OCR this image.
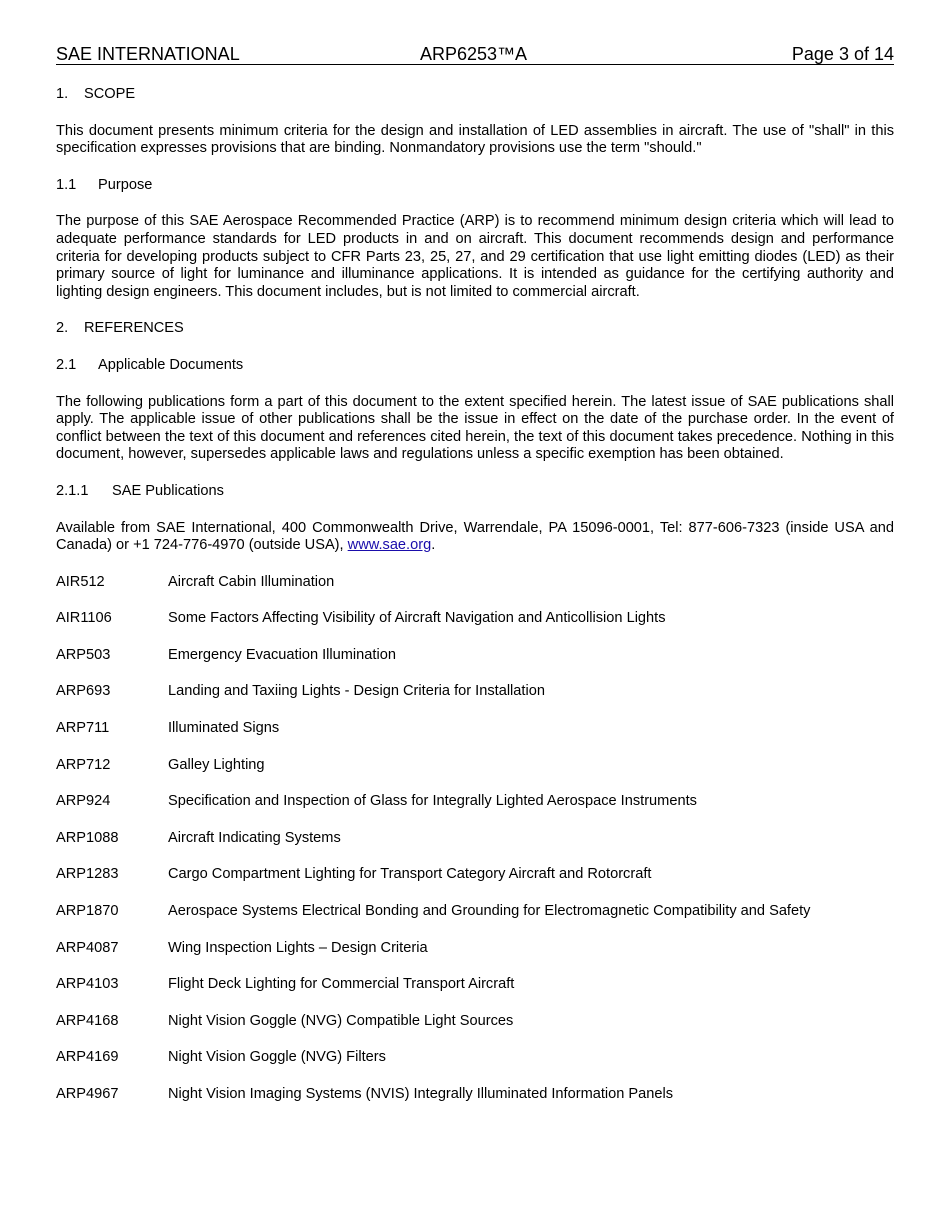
SAE INTERNATIONAL	ARP6253™A	Page 3 of 14

1. SCOPE

This document presents minimum criteria for the design and installation of LED assemblies in aircraft. The use of "shall" in this specification expresses provisions that are binding. Nonmandatory provisions use the term "should."

1.1 Purpose

The purpose of this SAE Aerospace Recommended Practice (ARP) is to recommend minimum design criteria which will lead to adequate performance standards for LED products in and on aircraft. This document recommends design and performance criteria for developing products subject to CFR Parts 23, 25, 27, and 29 certification that use light emitting diodes (LED) as their primary source of light for luminance and illuminance applications. It is intended as guidance for the certifying authority and lighting design engineers. This document includes, but is not limited to commercial aircraft.

2. REFERENCES

2.1 Applicable Documents

The following publications form a part of this document to the extent specified herein. The latest issue of SAE publications shall apply. The applicable issue of other publications shall be the issue in effect on the date of the purchase order. In the event of conflict between the text of this document and references cited herein, the text of this document takes precedence. Nothing in this document, however, supersedes applicable laws and regulations unless a specific exemption has been obtained.

2.1.1 SAE Publications

Available from SAE International, 400 Commonwealth Drive, Warrendale, PA 15096-0001, Tel: 877-606-7323 (inside USA and Canada) or +1 724-776-4970 (outside USA), www.sae.org.

AIR512	Aircraft Cabin Illumination
AIR1106	Some Factors Affecting Visibility of Aircraft Navigation and Anticollision Lights
ARP503	Emergency Evacuation Illumination
ARP693	Landing and Taxiing Lights - Design Criteria for Installation
ARP711	Illuminated Signs
ARP712	Galley Lighting
ARP924	Specification and Inspection of Glass for Integrally Lighted Aerospace Instruments
ARP1088	Aircraft Indicating Systems
ARP1283	Cargo Compartment Lighting for Transport Category Aircraft and Rotorcraft
ARP1870	Aerospace Systems Electrical Bonding and Grounding for Electromagnetic Compatibility and Safety
ARP4087	Wing Inspection Lights – Design Criteria
ARP4103	Flight Deck Lighting for Commercial Transport Aircraft
ARP4168	Night Vision Goggle (NVG) Compatible Light Sources
ARP4169	Night Vision Goggle (NVG) Filters
ARP4967	Night Vision Imaging Systems (NVIS) Integrally Illuminated Information Panels
